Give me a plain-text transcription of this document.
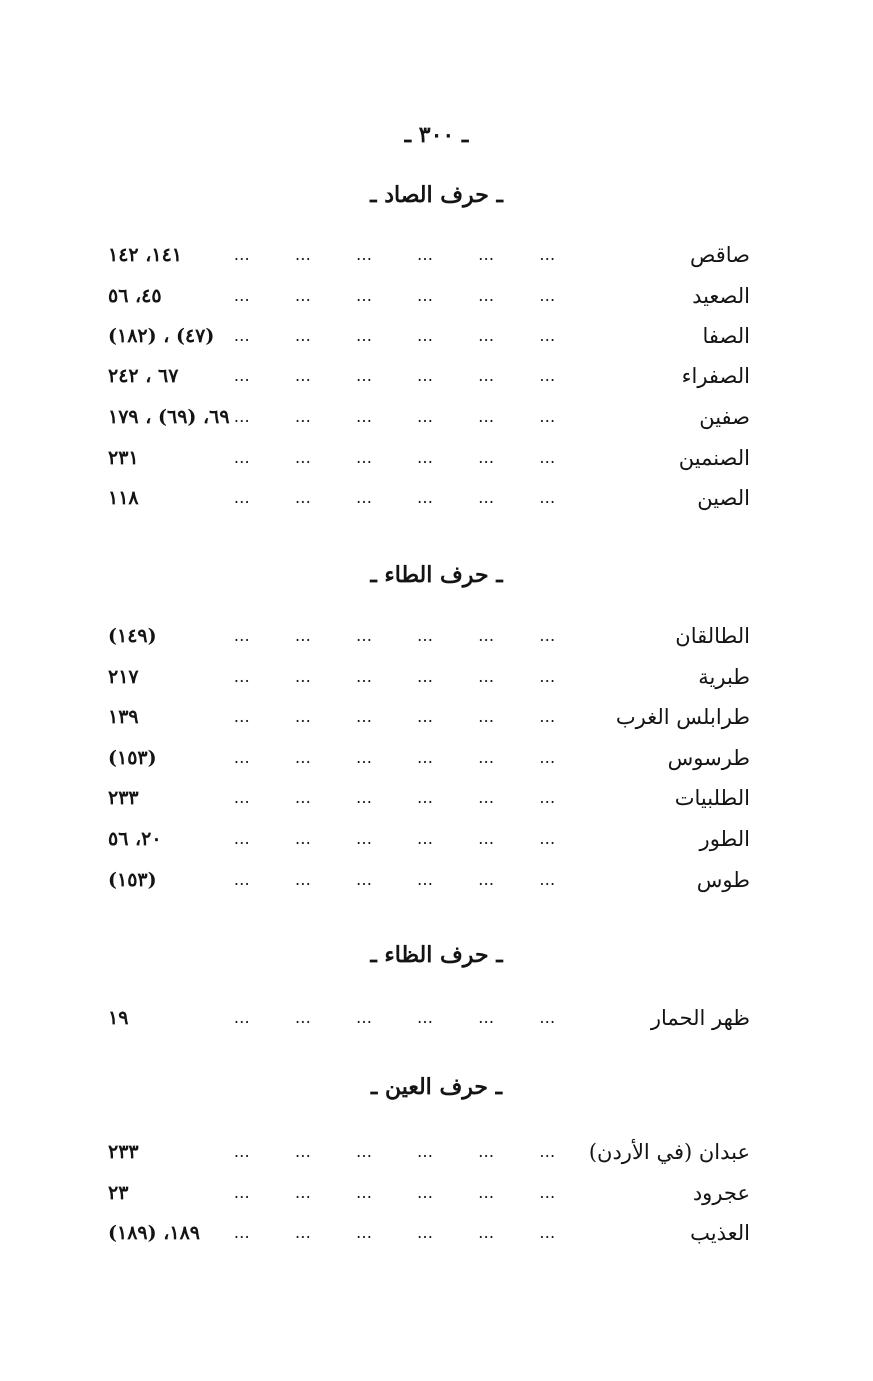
ـ ٣٠٠ ـ
ـ حرف الصاد ـ
صاقص
… … … … … …
١٤١، ١٤٢
الصعيد
… … … … … …
٤٥، ٥٦
الصفا
… … … … … …
(٤٧) ، (١٨٢)
الصفراء
… … … … … …
٦٧ ، ٢٤٢
صفين
… … … … … …
٦٩، (٦٩) ، ١٧٩
الصنمين
… … … … … …
٢٣١
الصين
… … … … … …
١١٨
ـ حرف الطاء ـ
الطالقان
… … … … … …
(١٤٩)
طبرية
… … … … … …
٢١٧
طرابلس الغرب
… … … … … …
١٣٩
طرسوس
… … … … … …
(١٥٣)
الطلبيات
… … … … … …
٢٣٣
الطور
… … … … … …
٢٠، ٥٦
طوس
… … … … … …
(١٥٣)
ـ حرف الظاء ـ
ظهر الحمار
… … … … … …
١٩
ـ حرف العين ـ
عبدان (في الأردن)
… … … … … …
٢٣٣
عجرود
… … … … … …
٢٣
العذيب
… … … … … …
١٨٩، (١٨٩)
